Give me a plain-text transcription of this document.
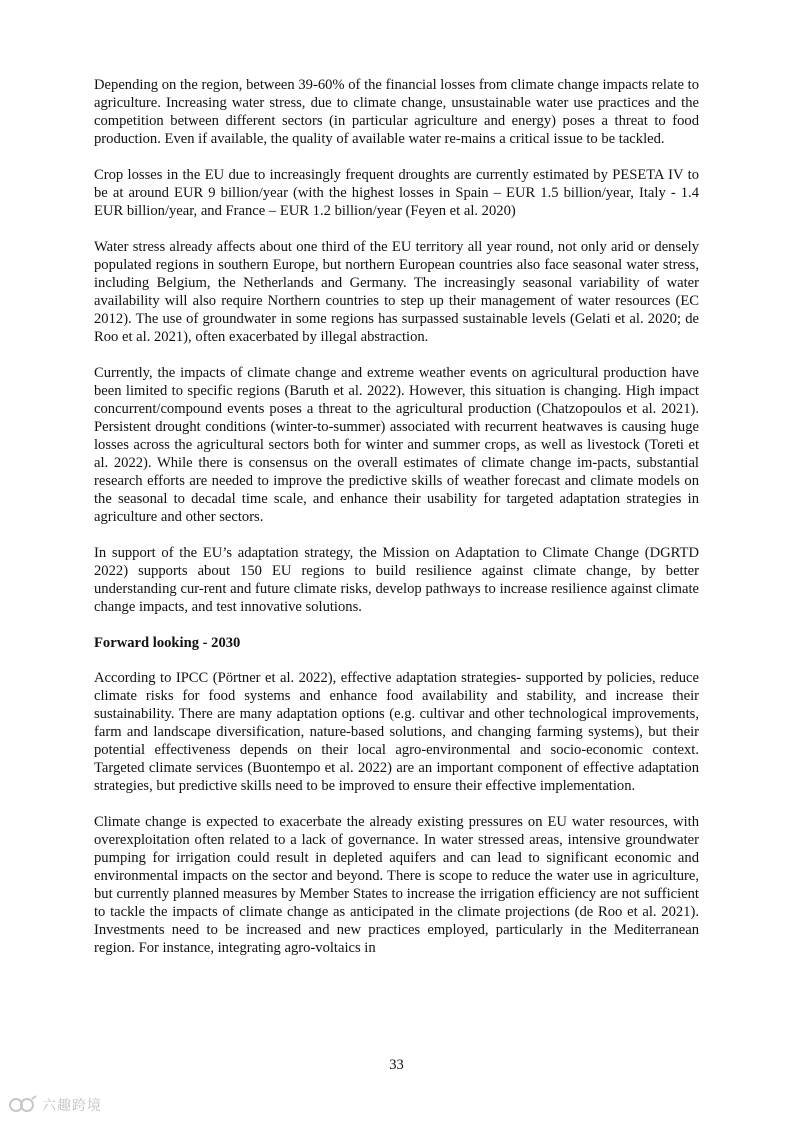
Depending on the region, between 39-60% of the financial losses from climate change impacts relate to agriculture. Increasing water stress, due to climate change, unsustainable water use practices and the competition between different sectors (in particular agriculture and energy) poses a threat to food production. Even if available, the quality of available water re-mains a critical issue to be tackled.

Crop losses in the EU due to increasingly frequent droughts are currently estimated by PESETA IV to be at around EUR 9 billion/year (with the highest losses in Spain – EUR 1.5 billion/year, Italy - 1.4 EUR billion/year, and France – EUR 1.2 billion/year (Feyen et al. 2020)

Water stress already affects about one third of the EU territory all year round, not only arid or densely populated regions in southern Europe, but northern European countries also face seasonal water stress, including Belgium, the Netherlands and Germany. The increasingly seasonal variability of water availability will also require Northern countries to step up their management of water resources (EC 2012). The use of groundwater in some regions has surpassed sustainable levels (Gelati et al. 2020; de Roo et al. 2021), often exacerbated by illegal abstraction.

Currently, the impacts of climate change and extreme weather events on agricultural production have been limited to specific regions (Baruth et al. 2022). However, this situation is changing. High impact concurrent/compound events poses a threat to the agricultural production (Chatzopoulos et al. 2021). Persistent drought conditions (winter-to-summer) associated with recurrent heatwaves is causing huge losses across the agricultural sectors both for winter and summer crops, as well as livestock (Toreti et al. 2022). While there is consensus on the overall estimates of climate change im-pacts, substantial research efforts are needed to improve the predictive skills of weather forecast and climate models on the seasonal to decadal time scale, and enhance their usability for targeted adaptation strategies in agriculture and other sectors.

In support of the EU’s adaptation strategy, the Mission on Adaptation to Climate Change (DGRTD 2022) supports about 150 EU regions to build resilience against climate change, by better understanding cur-rent and future climate risks, develop pathways to increase resilience against climate change impacts, and test innovative solutions.

Forward looking - 2030

According to IPCC (Pörtner et al. 2022), effective adaptation strategies- supported by policies, reduce climate risks for food systems and enhance food availability and stability, and increase their sustainability. There are many adaptation options (e.g. cultivar and other technological improvements, farm and landscape diversification, nature-based solutions, and changing farming systems), but their potential effectiveness depends on their local agro-environmental and socio-economic context. Targeted climate services (Buontempo et al. 2022) are an important component of effective adaptation strategies, but predictive skills need to be improved to ensure their effective implementation.

Climate change is expected to exacerbate the already existing pressures on EU water resources, with overexploitation often related to a lack of governance. In water stressed areas, intensive groundwater pumping for irrigation could result in depleted aquifers and can lead to significant economic and environmental impacts on the sector and beyond. There is scope to reduce the water use in agriculture, but currently planned measures by Member States to increase the irrigation efficiency are not sufficient to tackle the impacts of climate change as anticipated in the climate projections (de Roo et al. 2021). Investments need to be increased and new practices employed, particularly in the Mediterranean region. For instance, integrating agro-voltaics in

33
六趣跨境
